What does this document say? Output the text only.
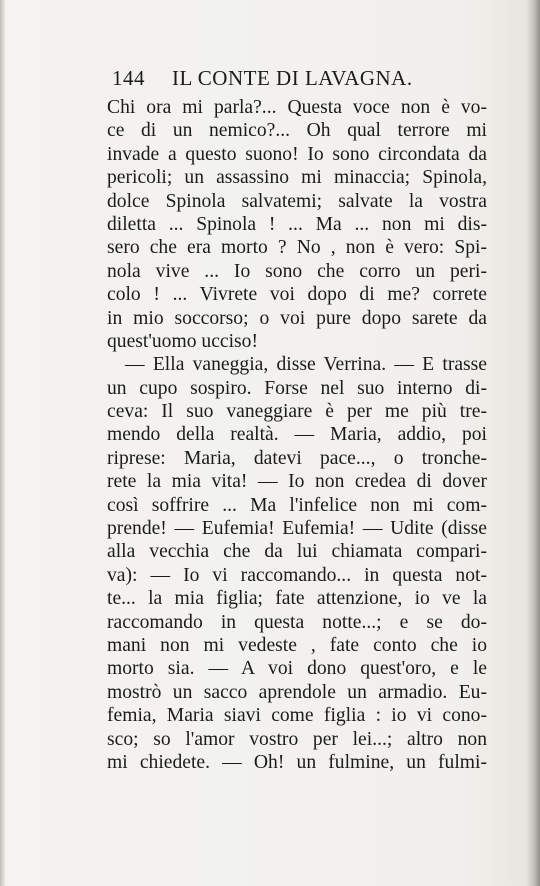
144 IL CONTE DI LAVAGNA.
Chi ora mi parla?... Questa voce non è vo-
ce di un nemico?... Oh qual terrore mi
invade a questo suono! Io sono circondata da
pericoli; un assassino mi minaccia; Spinola,
dolce Spinola salvatemi; salvate la vostra
diletta ... Spinola ! ... Ma ... non mi dis-
sero che era morto ? No , non è vero: Spi-
nola vive ... Io sono che corro un peri-
colo ! ... Vivrete voi dopo di me? correte
in mio soccorso; o voi pure dopo sarete da
quest'uomo ucciso!
— Ella vaneggia, disse Verrina. — E trasse
un cupo sospiro. Forse nel suo interno di-
ceva: Il suo vaneggiare è per me più tre-
mendo della realtà. — Maria, addio, poi
riprese: Maria, datevi pace..., o tronche-
rete la mia vita! — Io non credea di dover
così soffrire ... Ma l'infelice non mi com-
prende! — Eufemia! Eufemia! — Udite (disse
alla vecchia che da lui chiamata compari-
va): — Io vi raccomando... in questa not-
te... la mia figlia; fate attenzione, io ve la
raccomando in questa notte...; e se do-
mani non mi vedeste , fate conto che io
morto sia. — A voi dono quest'oro, e le
mostrò un sacco aprendole un armadio. Eu-
femia, Maria siavi come figlia : io vi cono-
sco; so l'amor vostro per lei...; altro non
mi chiedete. — Oh! un fulmine, un fulmi-
